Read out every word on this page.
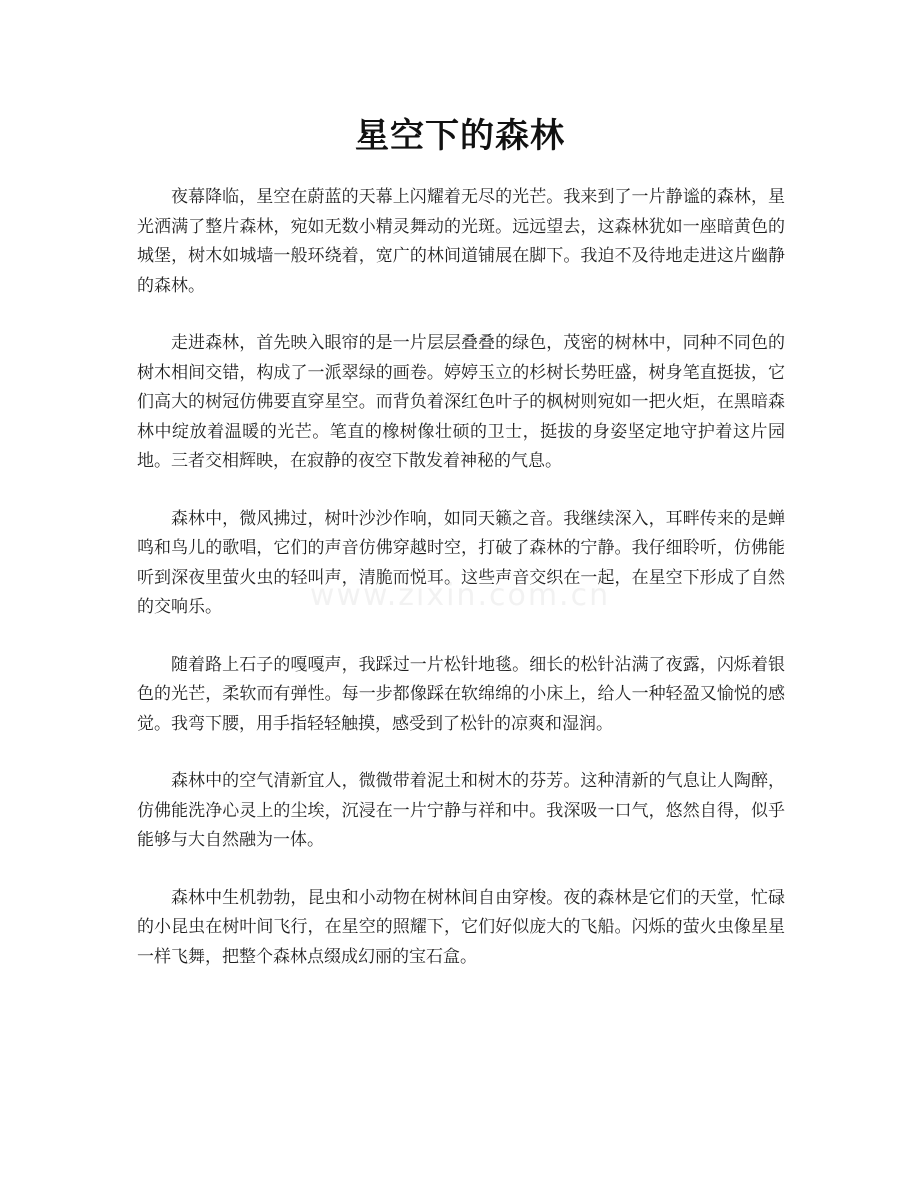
星空下的森林

夜幕降临，星空在蔚蓝的天幕上闪耀着无尽的光芒。我来到了一片静谧的森林，星光洒满了整片森林，宛如无数小精灵舞动的光斑。远远望去，这森林犹如一座暗黄色的城堡，树木如城墙一般环绕着，宽广的林间道铺展在脚下。我迫不及待地走进这片幽静的森林。

走进森林，首先映入眼帘的是一片层层叠叠的绿色，茂密的树林中，同种不同色的树木相间交错，构成了一派翠绿的画卷。婷婷玉立的杉树长势旺盛，树身笔直挺拔，它们高大的树冠仿佛要直穿星空。而背负着深红色叶子的枫树则宛如一把火炬，在黑暗森林中绽放着温暖的光芒。笔直的橡树像壮硕的卫士，挺拔的身姿坚定地守护着这片园地。三者交相辉映，在寂静的夜空下散发着神秘的气息。

森林中，微风拂过，树叶沙沙作响，如同天籁之音。我继续深入，耳畔传来的是蝉鸣和鸟儿的歌唱，它们的声音仿佛穿越时空，打破了森林的宁静。我仔细聆听，仿佛能听到深夜里萤火虫的轻叫声，清脆而悦耳。这些声音交织在一起，在星空下形成了自然的交响乐。

随着路上石子的嘎嘎声，我踩过一片松针地毯。细长的松针沾满了夜露，闪烁着银色的光芒，柔软而有弹性。每一步都像踩在软绵绵的小床上，给人一种轻盈又愉悦的感觉。我弯下腰，用手指轻轻触摸，感受到了松针的凉爽和湿润。

森林中的空气清新宜人，微微带着泥土和树木的芬芳。这种清新的气息让人陶醉，仿佛能洗净心灵上的尘埃，沉浸在一片宁静与祥和中。我深吸一口气，悠然自得，似乎能够与大自然融为一体。

森林中生机勃勃，昆虫和小动物在树林间自由穿梭。夜的森林是它们的天堂，忙碌的小昆虫在树叶间飞行，在星空的照耀下，它们好似庞大的飞船。闪烁的萤火虫像星星一样飞舞，把整个森林点缀成幻丽的宝石盒。

www.zixin.com.cn
